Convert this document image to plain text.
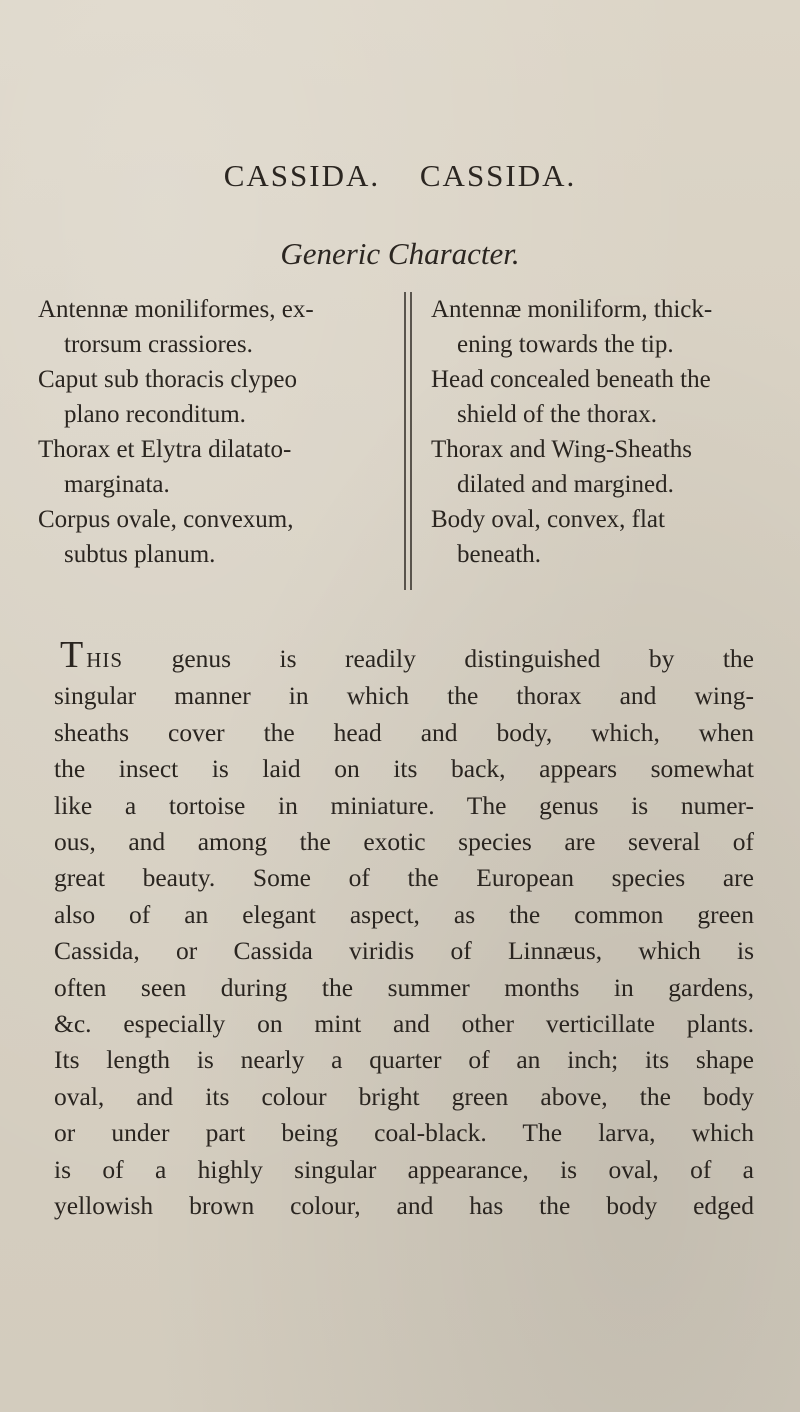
CASSIDA. CASSIDA.
Generic Character.

Antennæ moniliformes, ex-
trorsum crassiores.

Caput sub thoracis clypeo
plano reconditum.

Thorax et Elytra dilatato-
marginata.

Corpus ovale, convexum,
subtus planum.

Antennæ moniliform, thick-
ening towards the tip.

Head concealed beneath the
shield of the thorax.

Thorax and Wing-Sheaths
dilated and margined.

Body oval, convex, flat
beneath.

THIS genus is readily distinguished by the
singular manner in which the thorax and wing-
sheaths cover the head and body, which, when
the insect is laid on its back, appears somewhat
like a tortoise in miniature. The genus is numer-
ous, and among the exotic species are several of
great beauty. Some of the European species are
also of an elegant aspect, as the common green
Cassida, or Cassida viridis of Linnæus, which is
often seen during the summer months in gardens,
&c. especially on mint and other verticillate plants.
Its length is nearly a quarter of an inch; its shape
oval, and its colour bright green above, the body
or under part being coal-black. The larva, which
is of a highly singular appearance, is oval, of a
yellowish brown colour, and has the body edged
